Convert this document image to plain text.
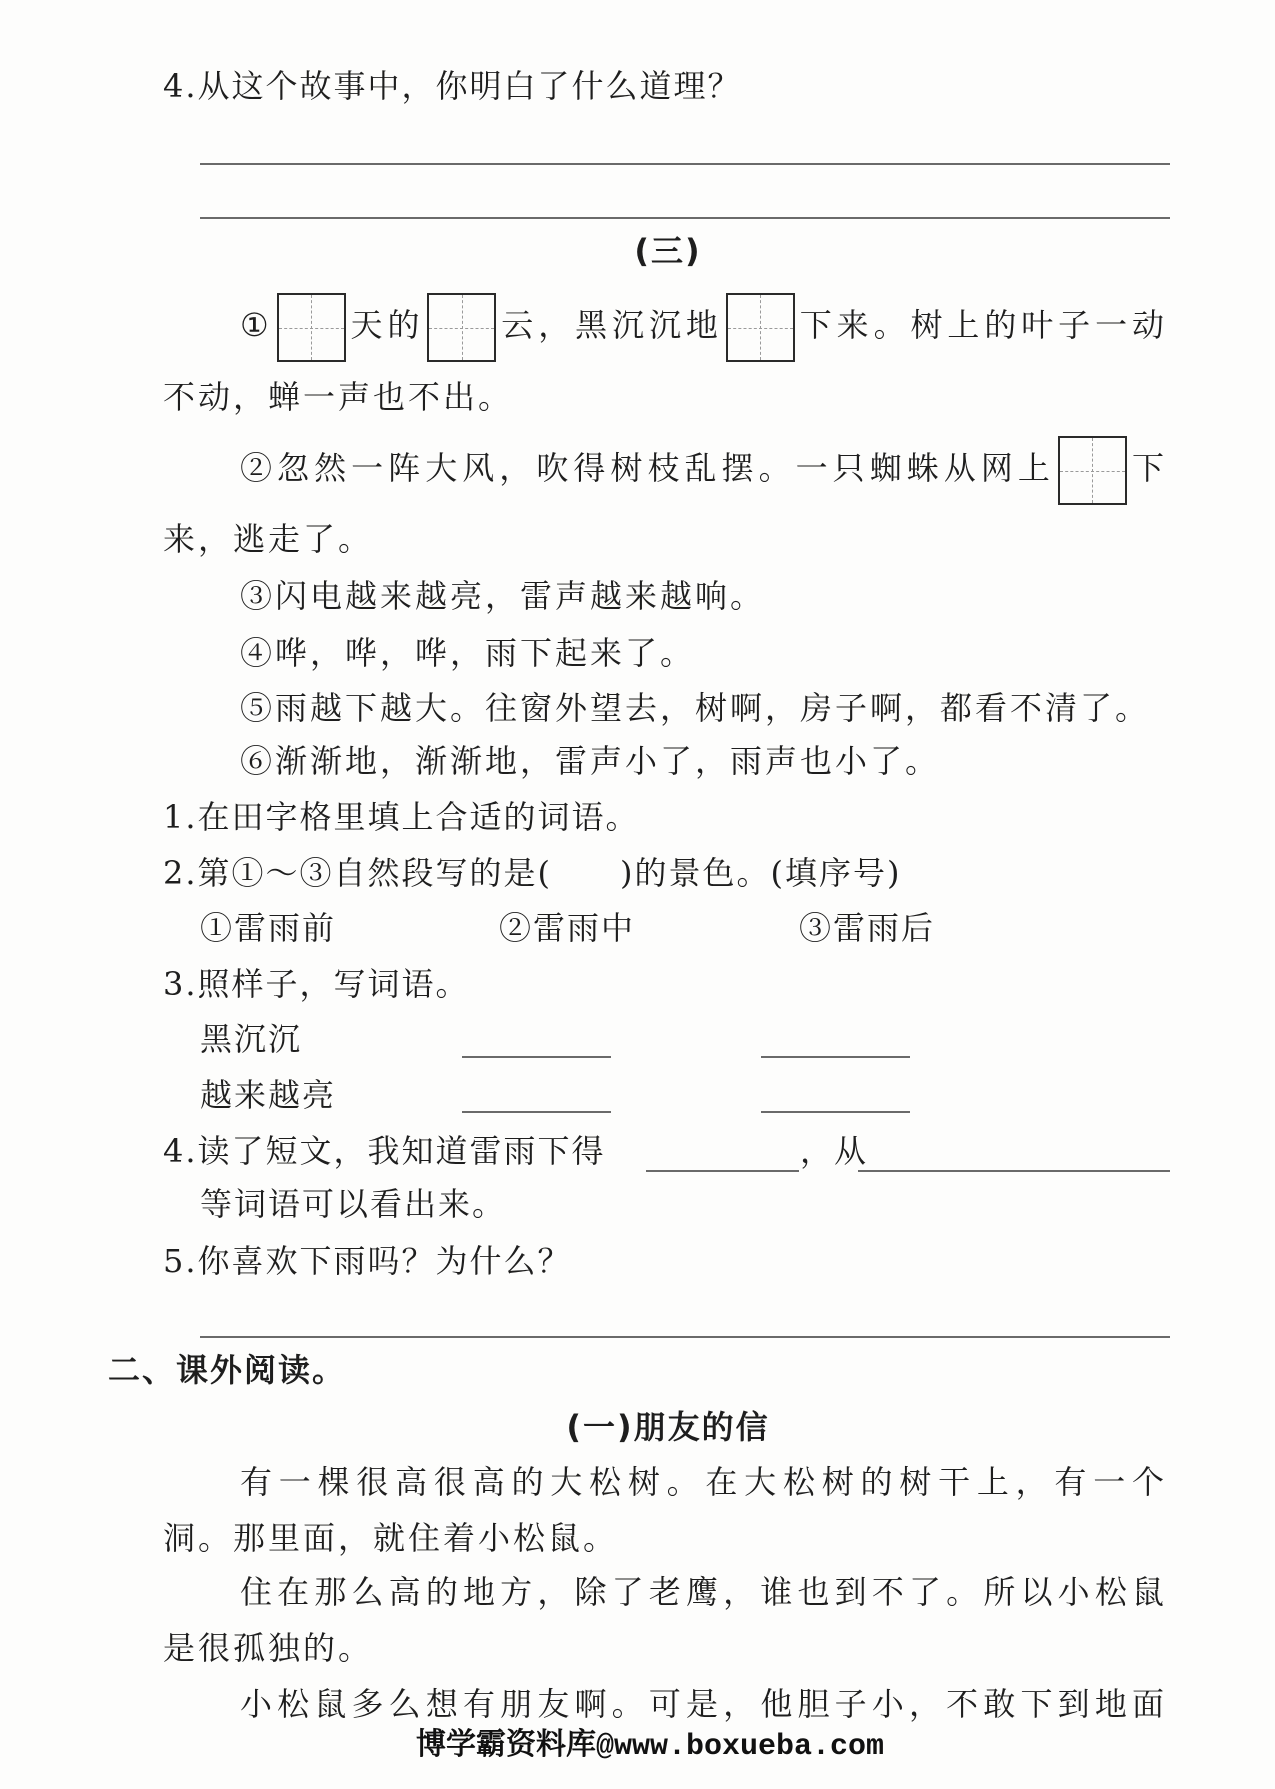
4.从这个故事中，你明白了什么道理？
(三)
① 天的 云，黑沉沉地 下来。树上的叶子一动
不动，蝉一声也不出。
②忽然一阵大风，吹得树枝乱摆。一只蜘蛛从网上 下
来，逃走了。
③闪电越来越亮，雷声越来越响。
④哗，哗，哗，雨下起来了。
⑤雨越下越大。往窗外望去，树啊，房子啊，都看不清了。
⑥渐渐地，渐渐地，雷声小了，雨声也小了。
1.在田字格里填上合适的词语。
2.第①～③自然段写的是(　　)的景色。(填序号)
①雷雨前	②雷雨中	③雷雨后
3.照样子，写词语。
黑沉沉
越来越亮
4.读了短文，我知道雷雨下得	，从
等词语可以看出来。
5.你喜欢下雨吗？为什么？
二、课外阅读。
(一)朋友的信
有一棵很高很高的大松树。在大松树的树干上，有一个
洞。那里面，就住着小松鼠。
住在那么高的地方，除了老鹰，谁也到不了。所以小松鼠
是很孤独的。
小松鼠多么想有朋友啊。可是，他胆子小，不敢下到地面
博学霸资料库@www.boxueba.com
